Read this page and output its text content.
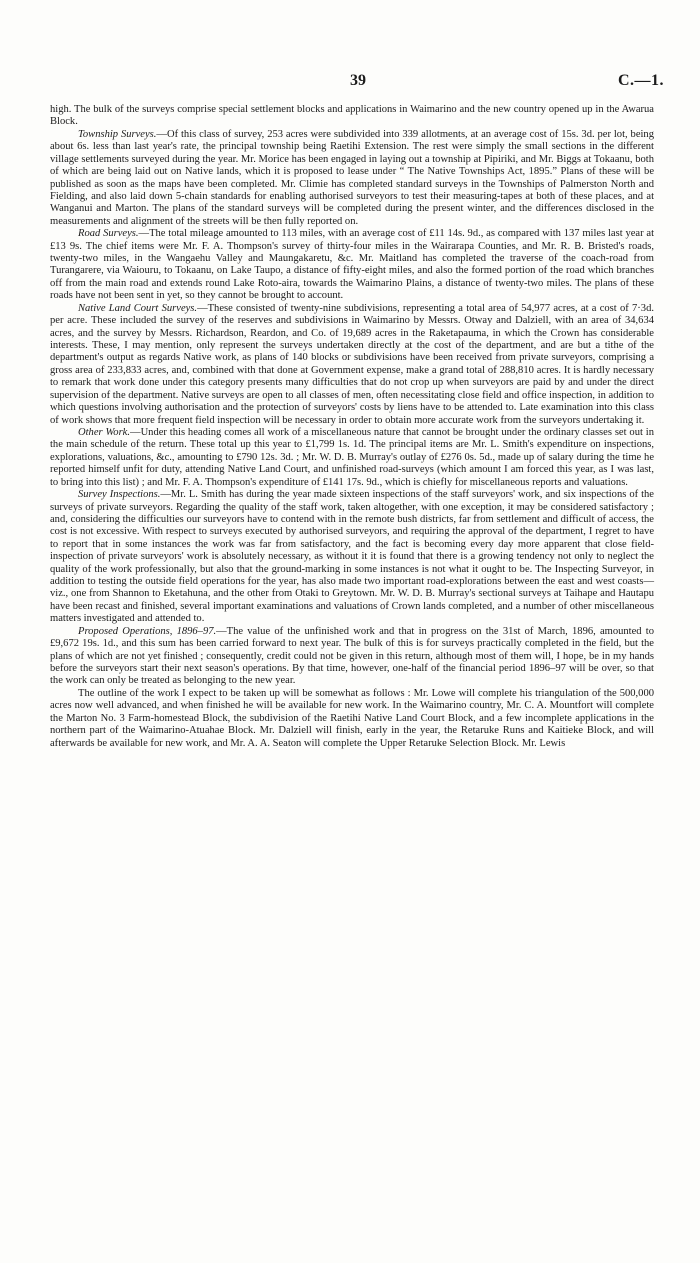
39	C.—1.

high. The bulk of the surveys comprise special settlement blocks and applications in Waimarino and the new country opened up in the Awarua Block.

Township Surveys.—Of this class of survey, 253 acres were subdivided into 339 allotments, at an average cost of 15s. 3d. per lot, being about 6s. less than last year's rate, the principal township being Raetihi Extension. The rest were simply the small sections in the different village settlements surveyed during the year. Mr. Morice has been engaged in laying out a township at Pipiriki, and Mr. Biggs at Tokaanu, both of which are being laid out on Native lands, which it is proposed to lease under “ The Native Townships Act, 1895.” Plans of these will be published as soon as the maps have been completed. Mr. Climie has completed standard surveys in the Townships of Palmerston North and Fielding, and also laid down 5-chain standards for enabling authorised surveyors to test their measuring-tapes at both of these places, and at Wanganui and Marton. The plans of the standard surveys will be completed during the present winter, and the differences disclosed in the measurements and alignment of the streets will be then fully reported on.

Road Surveys.—The total mileage amounted to 113 miles, with an average cost of £11 14s. 9d., as compared with 137 miles last year at £13 9s. The chief items were Mr. F. A. Thompson's survey of thirty-four miles in the Wairarapa Counties, and Mr. R. B. Bristed's roads, twenty-two miles, in the Wangaehu Valley and Maungakaretu, &c. Mr. Maitland has completed the traverse of the coach-road from Turangarere, via Waiouru, to Tokaanu, on Lake Taupo, a distance of fifty-eight miles, and also the formed portion of the road which branches off from the main road and extends round Lake Roto-aira, towards the Waimarino Plains, a distance of twenty-two miles. The plans of these roads have not been sent in yet, so they cannot be brought to account.

Native Land Court Surveys.—These consisted of twenty-nine subdivisions, representing a total area of 54,977 acres, at a cost of 7·3d. per acre. These included the survey of the reserves and subdivisions in Waimarino by Messrs. Otway and Dalziell, with an area of 34,634 acres, and the survey by Messrs. Richardson, Reardon, and Co. of 19,689 acres in the Raketapauma, in which the Crown has considerable interests. These, I may mention, only represent the surveys undertaken directly at the cost of the department, and are but a tithe of the department's output as regards Native work, as plans of 140 blocks or subdivisions have been received from private surveyors, comprising a gross area of 233,833 acres, and, combined with that done at Government expense, make a grand total of 288,810 acres. It is hardly necessary to remark that work done under this category presents many difficulties that do not crop up when surveyors are paid by and under the direct supervision of the department. Native surveys are open to all classes of men, often necessitating close field and office inspection, in addition to which questions involving authorisation and the protection of surveyors' costs by liens have to be attended to. Late examination into this class of work shows that more frequent field inspection will be necessary in order to obtain more accurate work from the surveyors undertaking it.

Other Work.—Under this heading comes all work of a miscellaneous nature that cannot be brought under the ordinary classes set out in the main schedule of the return. These total up this year to £1,799 1s. 1d. The principal items are Mr. L. Smith's expenditure on inspections, explorations, valuations, &c., amounting to £790 12s. 3d. ; Mr. W. D. B. Murray's outlay of £276 0s. 5d., made up of salary during the time he reported himself unfit for duty, attending Native Land Court, and unfinished road-surveys (which amount I am forced this year, as I was last, to bring into this list) ; and Mr. F. A. Thompson's expenditure of £141 17s. 9d., which is chiefly for miscellaneous reports and valuations.

Survey Inspections.—Mr. L. Smith has during the year made sixteen inspections of the staff surveyors' work, and six inspections of the surveys of private surveyors. Regarding the quality of the staff work, taken altogether, with one exception, it may be considered satisfactory ; and, considering the difficulties our surveyors have to contend with in the remote bush districts, far from settlement and difficult of access, the cost is not excessive. With respect to surveys executed by authorised surveyors, and requiring the approval of the department, I regret to have to report that in some instances the work was far from satisfactory, and the fact is becoming every day more apparent that close field-inspection of private surveyors' work is absolutely necessary, as without it it is found that there is a growing tendency not only to neglect the quality of the work professionally, but also that the ground-marking in some instances is not what it ought to be. The Inspecting Surveyor, in addition to testing the outside field operations for the year, has also made two important road-explorations between the east and west coasts—viz., one from Shannon to Eketahuna, and the other from Otaki to Greytown. Mr. W. D. B. Murray's sectional surveys at Taihape and Hautapu have been recast and finished, several important examinations and valuations of Crown lands completed, and a number of other miscellaneous matters investigated and attended to.

Proposed Operations, 1896–97.—The value of the unfinished work and that in progress on the 31st of March, 1896, amounted to £9,672 19s. 1d., and this sum has been carried forward to next year. The bulk of this is for surveys practically completed in the field, but the plans of which are not yet finished ; consequently, credit could not be given in this return, although most of them will, I hope, be in my hands before the surveyors start their next season's operations. By that time, however, one-half of the financial period 1896–97 will be over, so that the work can only be treated as belonging to the new year.

The outline of the work I expect to be taken up will be somewhat as follows : Mr. Lowe will complete his triangulation of the 500,000 acres now well advanced, and when finished he will be available for new work. In the Waimarino country, Mr. C. A. Mountfort will complete the Marton No. 3 Farm-homestead Block, the subdivision of the Raetihi Native Land Court Block, and a few incomplete applications in the northern part of the Waimarino-Atuahae Block. Mr. Dalziell will finish, early in the year, the Retaruke Runs and Kaitieke Block, and will afterwards be available for new work, and Mr. A. A. Seaton will complete the Upper Retaruke Selection Block. Mr. Lewis
